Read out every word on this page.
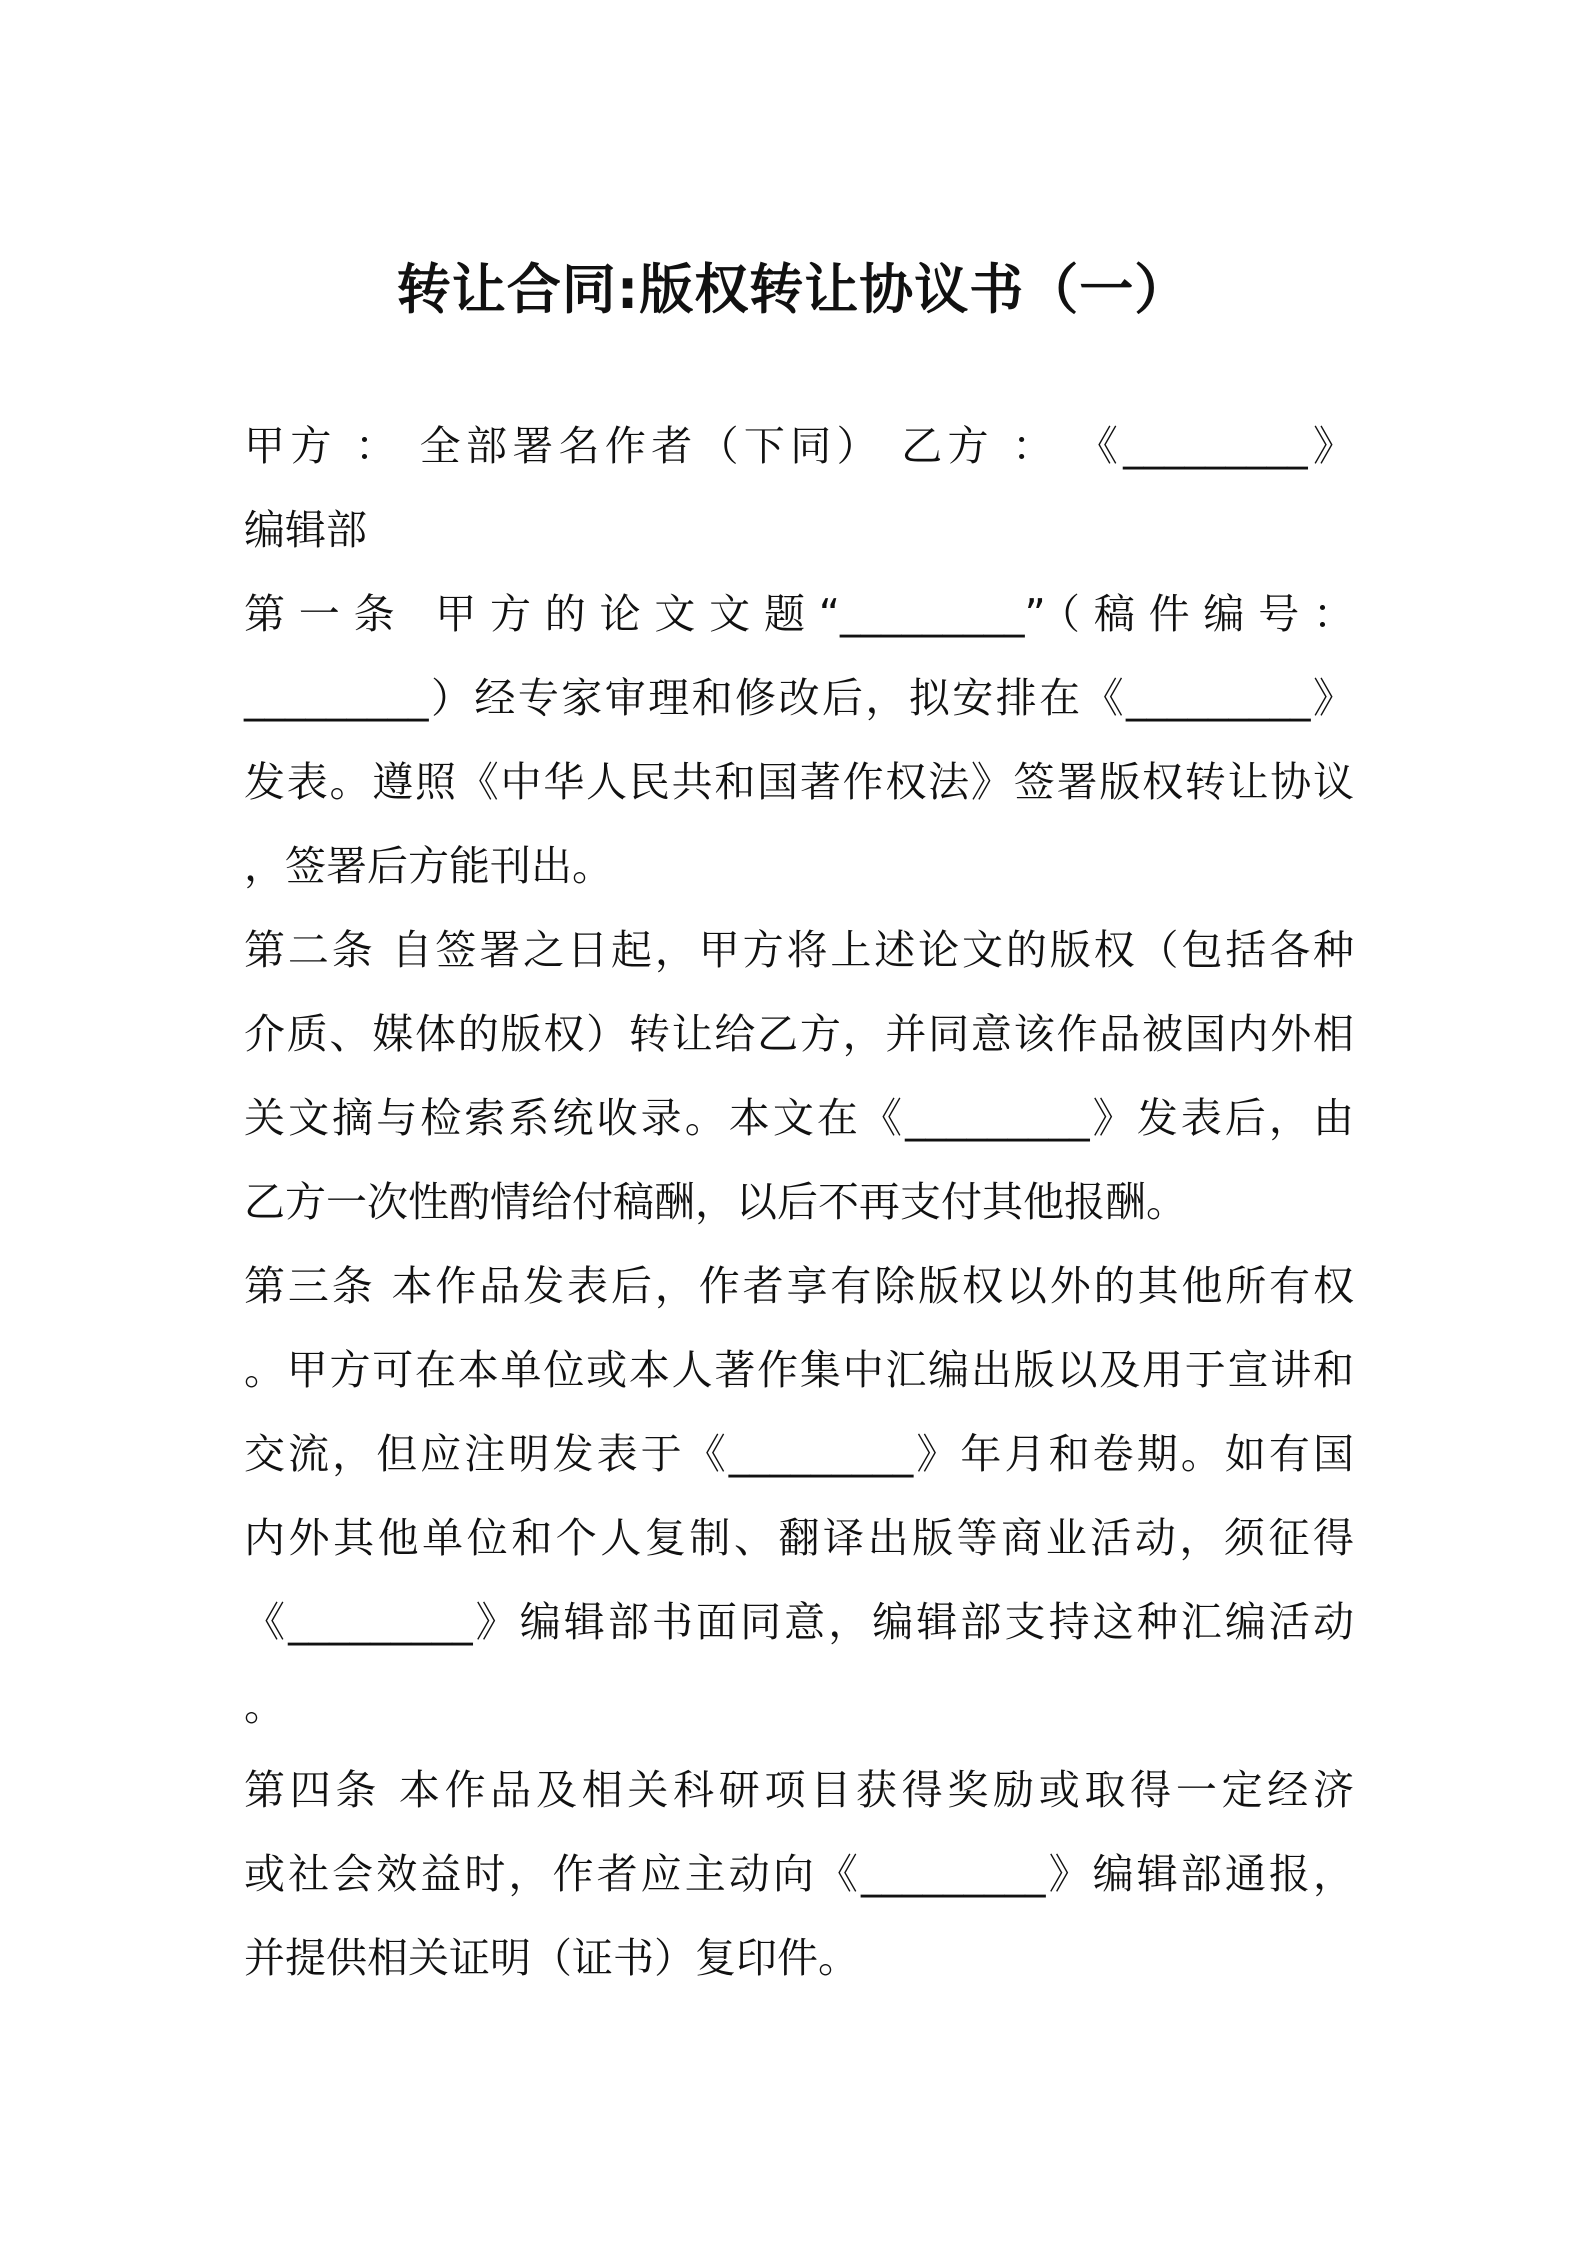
转让合同:版权转让协议书（一）
甲方 ： 全部署名作者（下同） 乙方 ： 《_________》
编辑部
第一条 甲方的论文文题“_________”（稿件编号：
_________）经专家审理和修改后，拟安排在《_________》
发表。遵照《中华人民共和国著作权法》签署版权转让协议
，签署后方能刊出。
第二条 自签署之日起，甲方将上述论文的版权（包括各种
介质、媒体的版权）转让给乙方，并同意该作品被国内外相
关文摘与检索系统收录。本文在《_________》发表后，由
乙方一次性酌情给付稿酬，以后不再支付其他报酬。
第三条 本作品发表后，作者享有除版权以外的其他所有权
。甲方可在本单位或本人著作集中汇编出版以及用于宣讲和
交流，但应注明发表于《_________》年月和卷期。如有国
内外其他单位和个人复制、翻译出版等商业活动，须征得
《_________》编辑部书面同意，编辑部支持这种汇编活动
。
第四条 本作品及相关科研项目获得奖励或取得一定经济
或社会效益时，作者应主动向《_________》编辑部通报，
并提供相关证明（证书）复印件。
